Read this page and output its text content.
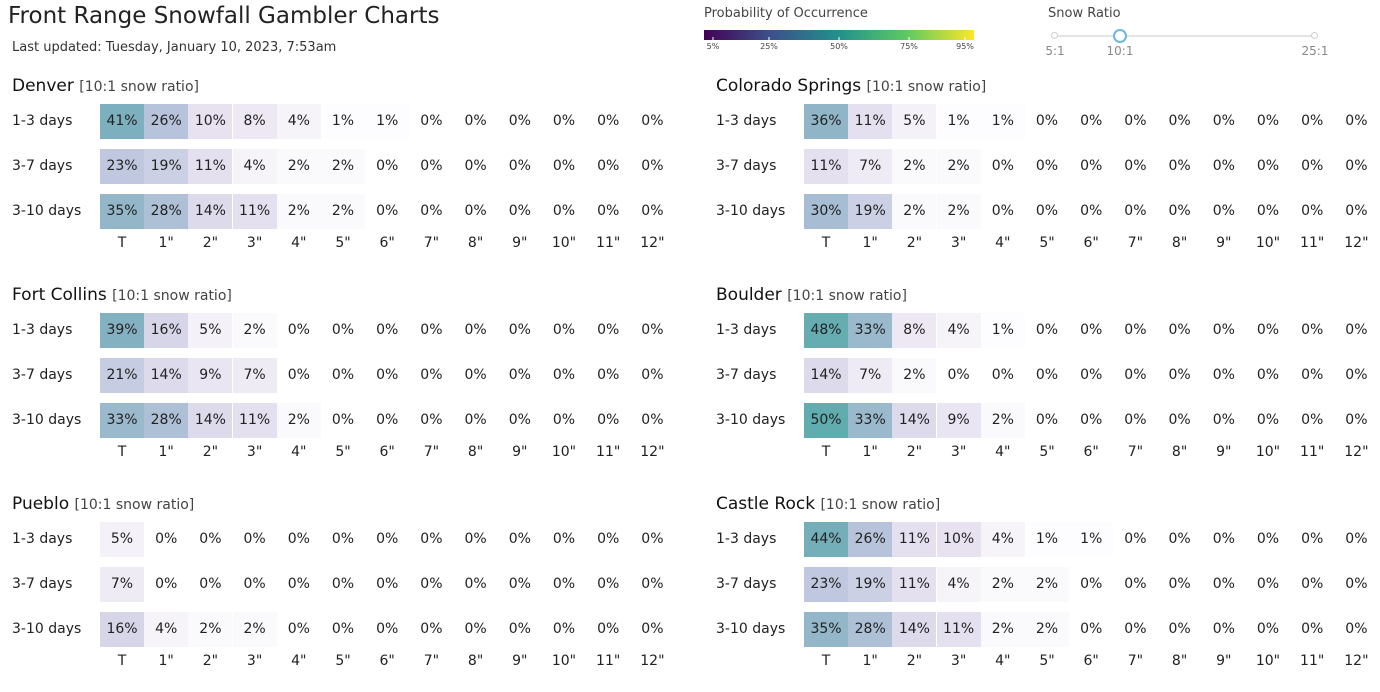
Front Range Snowfall Gambler Charts
Last updated: Tuesday, January 10, 2023, 7:53am
Probability of Occurrence
5%	25%	50%	75%	95%
Snow Ratio
5:1	10:1	25:1
Denver [10:1 snow ratio]
1-3 days	41% 26% 10%	8%	4%	1%	1%	0%	0%	0%	0%	0%	0%
3-7 days	23% 19% 11%	4%	2%	2%	0%	0%	0%	0%	0%	0%	0%
3-10 days	35% 28% 14% 11%	2%	2%	0%	0%	0%	0%	0%	0%	0%
T	1"	2"	3"	4"	5"	6"	7"	8"	9"	10"	11"	12"
Colorado Springs [10:1 snow ratio]
1-3 days	36% 11%	5%	1%	1%	0%	0%	0%	0%	0%	0%	0%	0%
3-7 days	11%	7%	2%	2%	0%	0%	0%	0%	0%	0%	0%	0%	0%
3-10 days	30% 19%	2%	2%	0%	0%	0%	0%	0%	0%	0%	0%	0%
T	1"	2"	3"	4"	5"	6"	7"	8"	9"	10"	11"	12"
Fort Collins [10:1 snow ratio]
1-3 days	39% 16%	5%	2%	0%	0%	0%	0%	0%	0%	0%	0%	0%
3-7 days	21% 14%	9%	7%	0%	0%	0%	0%	0%	0%	0%	0%	0%
3-10 days	33% 28% 14% 11%	2%	0%	0%	0%	0%	0%	0%	0%	0%
T	1"	2"	3"	4"	5"	6"	7"	8"	9"	10"	11"	12"
Boulder [10:1 snow ratio]
1-3 days	48% 33%	8%	4%	1%	0%	0%	0%	0%	0%	0%	0%	0%
3-7 days	14%	7%	2%	0%	0%	0%	0%	0%	0%	0%	0%	0%	0%
3-10 days	50% 33% 14%	9%	2%	0%	0%	0%	0%	0%	0%	0%	0%
T	1"	2"	3"	4"	5"	6"	7"	8"	9"	10"	11"	12"
Pueblo [10:1 snow ratio]
1-3 days	5%	0%	0%	0%	0%	0%	0%	0%	0%	0%	0%	0%	0%
3-7 days	7%	0%	0%	0%	0%	0%	0%	0%	0%	0%	0%	0%	0%
3-10 days	16%	4%	2%	2%	0%	0%	0%	0%	0%	0%	0%	0%	0%
T	1"	2"	3"	4"	5"	6"	7"	8"	9"	10"	11"	12"
Castle Rock [10:1 snow ratio]
1-3 days	44% 26% 11% 10%	4%	1%	1%	0%	0%	0%	0%	0%	0%
3-7 days	23% 19% 11%	4%	2%	2%	0%	0%	0%	0%	0%	0%	0%
3-10 days	35% 28% 14% 11%	2%	2%	0%	0%	0%	0%	0%	0%	0%
T	1"	2"	3"	4"	5"	6"	7"	8"	9"	10"	11"	12"
